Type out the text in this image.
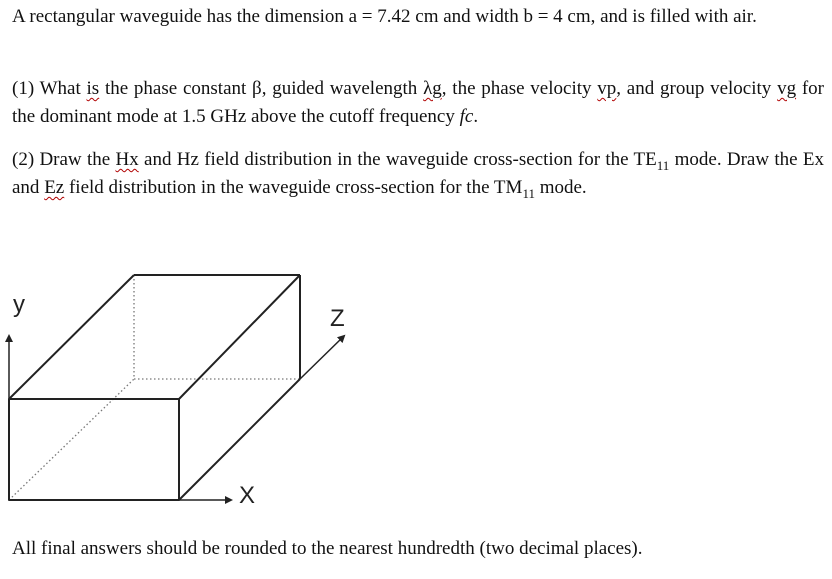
A rectangular waveguide has the dimension a = 7.42 cm and width b = 4 cm, and is filled with air.
(1) What is the phase constant β, guided wavelength λg, the phase velocity vp, and group velocity vg for the dominant mode at 1.5 GHz above the cutoff frequency fc.
(2) Draw the Hx and Hz field distribution in the waveguide cross-section for the $TE_{11}$ mode. Draw the Ex and Ez field distribution in the waveguide cross-section for the $TM_{11}$ mode.
y
Z
X
All final answers should be rounded to the nearest hundredth (two decimal places).
